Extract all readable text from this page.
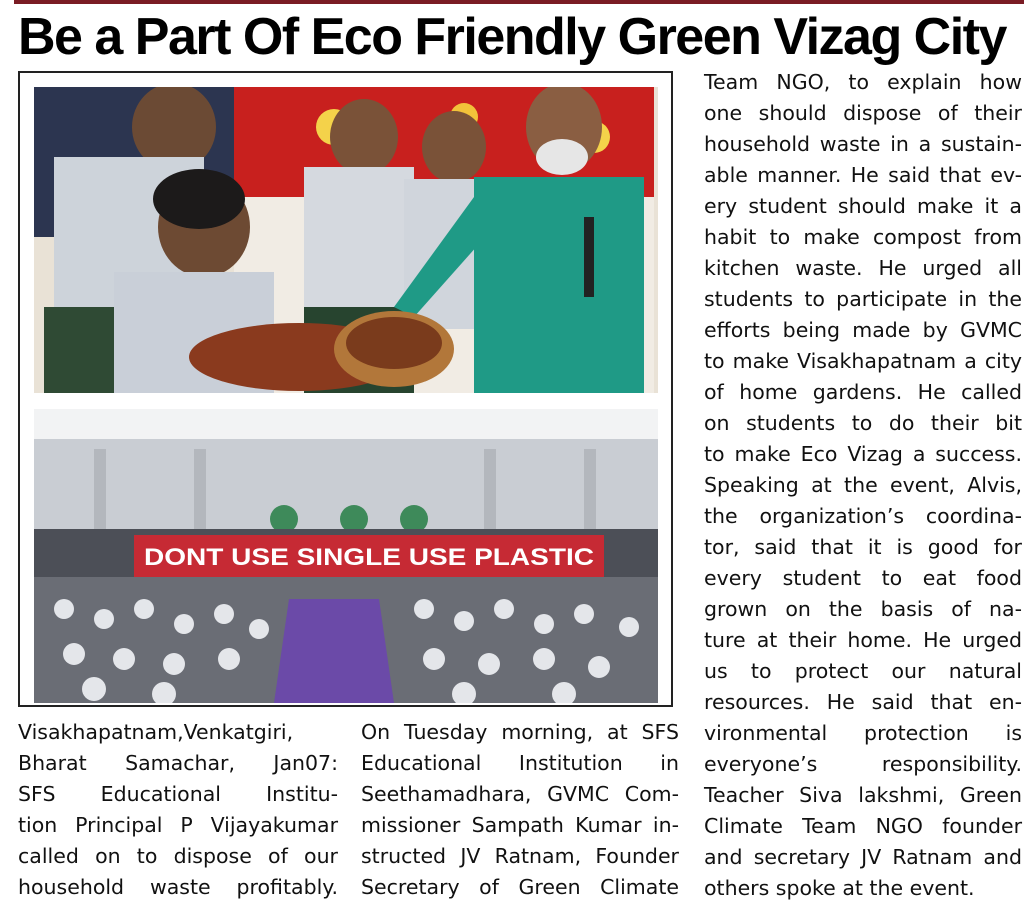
Be a Part Of Eco Friendly Green Vizag City
DONT USE SINGLE USE PLASTIC
Visakhapatnam,Venkatgiri,
Bharat Samachar, Jan07:
SFS Educational Institu-
tion Principal P Vijayakumar
called on to dispose of our
household waste profitably.
On Tuesday morning, at SFS
Educational Institution in
Seethamadhara, GVMC Com-
missioner Sampath Kumar in-
structed JV Ratnam, Founder
Secretary of Green Climate
Team NGO, to explain how
one should dispose of their
household waste in a sustain-
able manner. He said that ev-
ery student should make it a
habit to make compost from
kitchen waste. He urged all
students to participate in the
efforts being made by GVMC
to make Visakhapatnam a city
of home gardens. He called
on students to do their bit
to make Eco Vizag a success.
Speaking at the event, Alvis,
the organization’s coordina-
tor, said that it is good for
every student to eat food
grown on the basis of na-
ture at their home. He urged
us to protect our natural
resources. He said that en-
vironmental protection is
everyone’s responsibility.
Teacher Siva lakshmi, Green
Climate Team NGO founder
and secretary JV Ratnam and
others spoke at the event.
